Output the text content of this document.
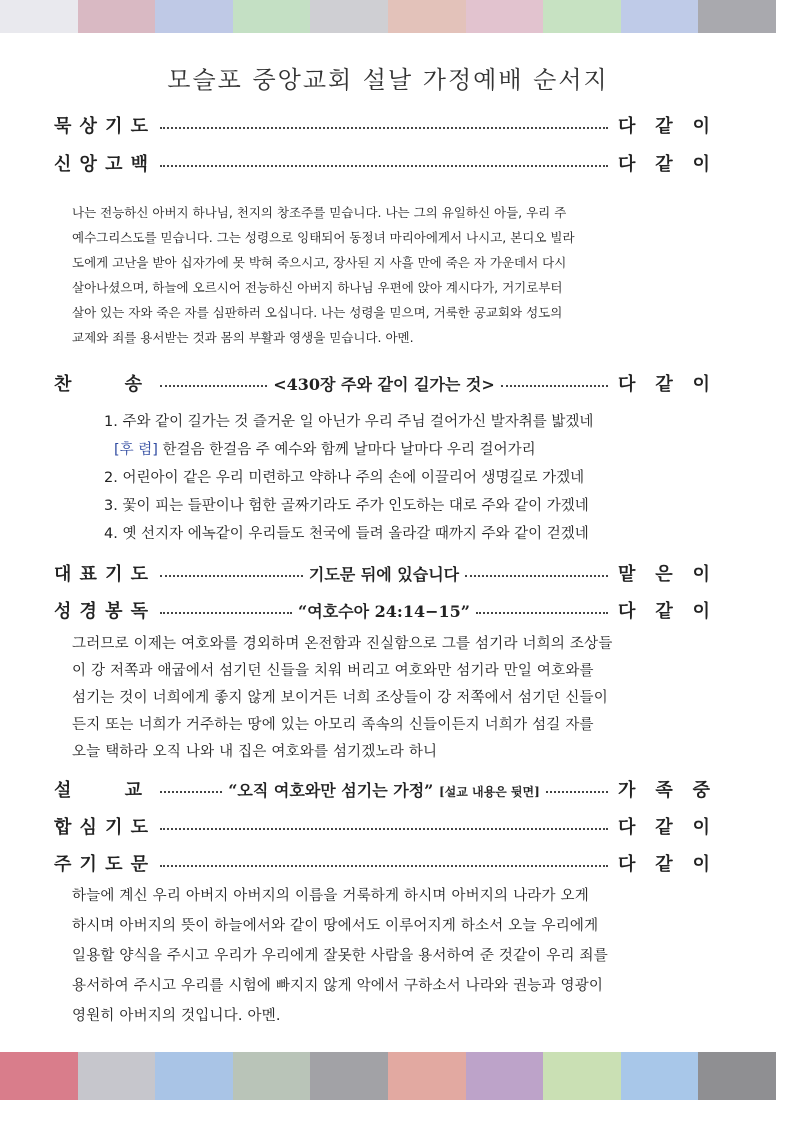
모슬포 중앙교회 설날 가정예배 순서지
묵 상 기 도	다 같 이
신 앙 고 백	다 같 이
나는 전능하신 아버지 하나님, 천지의 창조주를 믿습니다. 나는 그의 유일하신 아들, 우리 주
예수그리스도를 믿습니다. 그는 성령으로 잉태되어 동정녀 마리아에게서 나시고, 본디오 빌라
도에게 고난을 받아 십자가에 못 박혀 죽으시고, 장사된 지 사흘 만에 죽은 자 가운데서 다시
살아나셨으며, 하늘에 오르시어 전능하신 아버지 하나님 우편에 앉아 계시다가, 거기로부터
살아 있는 자와 죽은 자를 심판하러 오십니다. 나는 성령을 믿으며, 거룩한 공교회와 성도의
교제와 죄를 용서받는 것과 몸의 부활과 영생을 믿습니다. 아멘.
찬	송	<430장 주와 같이 길가는 것>	다 같 이
1. 주와 같이 길가는 것 즐거운 일 아닌가 우리 주님 걸어가신 발자취를 밟겠네
[후 렴] 한걸음 한걸음 주 예수와 함께 날마다 날마다 우리 걸어가리
2. 어린아이 같은 우리 미련하고 약하나 주의 손에 이끌리어 생명길로 가겠네
3. 꽃이 피는 들판이나 험한 골짜기라도 주가 인도하는 대로 주와 같이 가겠네
4. 옛 선지자 에녹같이 우리들도 천국에 들려 올라갈 때까지 주와 같이 걷겠네
대 표 기 도	기도문 뒤에 있습니다	맡 은 이
성 경 봉 독	“여호수아 24:14−15”	다 같 이
그러므로 이제는 여호와를 경외하며 온전함과 진실함으로 그를 섬기라 너희의 조상들
이 강 저쪽과 애굽에서 섬기던 신들을 치워 버리고 여호와만 섬기라 만일 여호와를
섬기는 것이 너희에게 좋지 않게 보이거든 너희 조상들이 강 저쪽에서 섬기던 신들이
든지 또는 너희가 거주하는 땅에 있는 아모리 족속의 신들이든지 너희가 섬길 자를
오늘 택하라 오직 나와 내 집은 여호와를 섬기겠노라 하니
설	교	“오직 여호와만 섬기는 가정” [설교 내용은 뒷면]	가 족 중
합 심 기 도	다 같 이
주 기 도 문	다 같 이
하늘에 계신 우리 아버지 아버지의 이름을 거룩하게 하시며 아버지의 나라가 오게
하시며 아버지의 뜻이 하늘에서와 같이 땅에서도 이루어지게 하소서 오늘 우리에게
일용할 양식을 주시고 우리가 우리에게 잘못한 사람을 용서하여 준 것같이 우리 죄를
용서하여 주시고 우리를 시험에 빠지지 않게 악에서 구하소서 나라와 권능과 영광이
영원히 아버지의 것입니다. 아멘.
